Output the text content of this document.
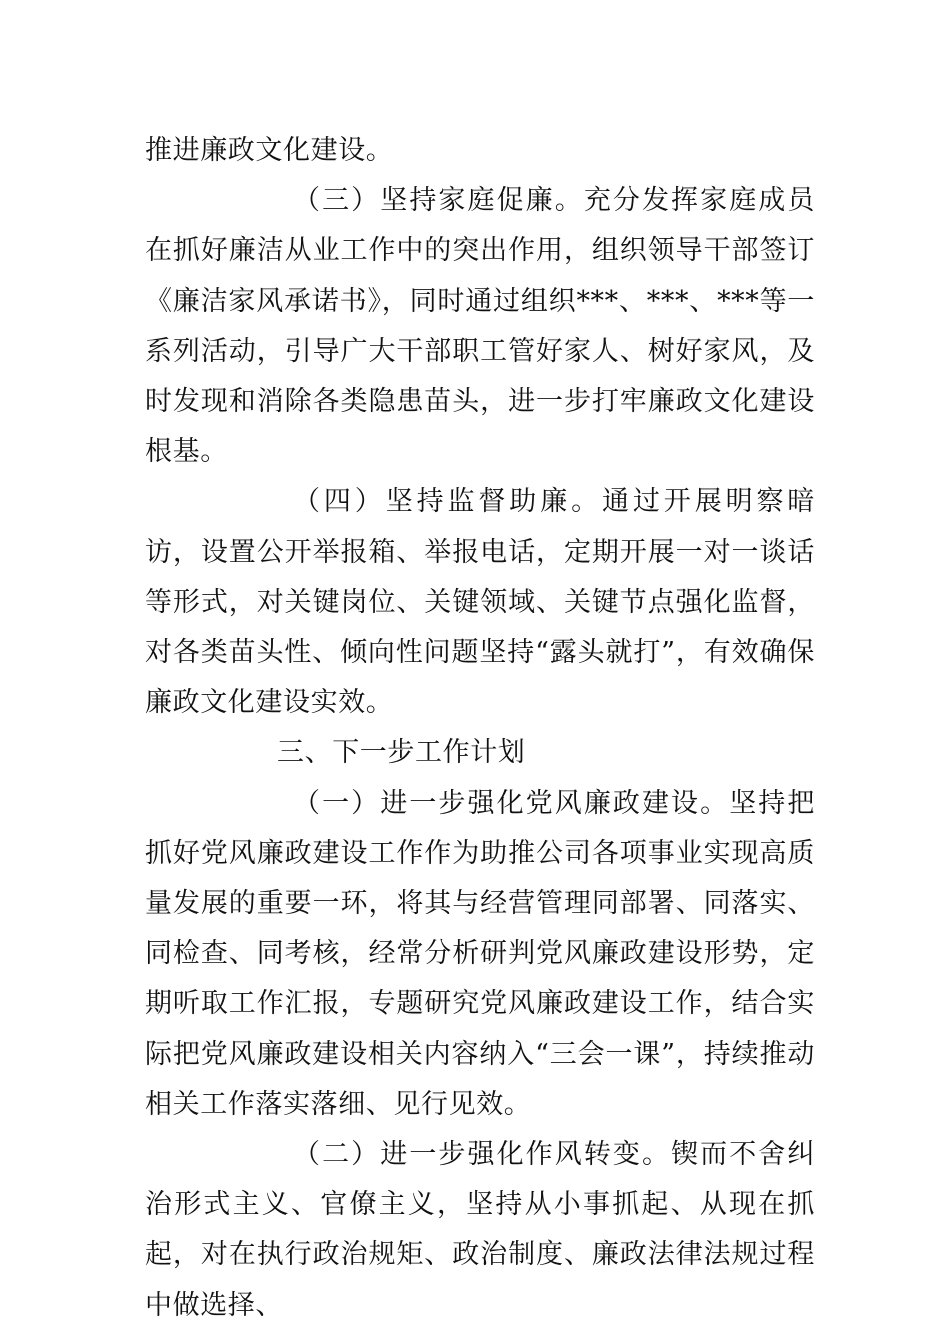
推进廉政文化建设。

（三）坚持家庭促廉。充分发挥家庭成员在抓好廉洁从业工作中的突出作用，组织领导干部签订《廉洁家风承诺书》，同时通过组织***、***、***等一系列活动，引导广大干部职工管好家人、树好家风，及时发现和消除各类隐患苗头，进一步打牢廉政文化建设根基。

（四）坚持监督助廉。通过开展明察暗访，设置公开举报箱、举报电话，定期开展一对一谈话等形式，对关键岗位、关键领域、关键节点强化监督，对各类苗头性、倾向性问题坚持“露头就打”，有效确保廉政文化建设实效。

三、下一步工作计划

（一）进一步强化党风廉政建设。坚持把抓好党风廉政建设工作作为助推公司各项事业实现高质量发展的重要一环，将其与经营管理同部署、同落实、同检查、同考核，经常分析研判党风廉政建设形势，定期听取工作汇报，专题研究党风廉政建设工作，结合实际把党风廉政建设相关内容纳入“三会一课”，持续推动相关工作落实落细、见行见效。

（二）进一步强化作风转变。锲而不舍纠治形式主义、官僚主义，坚持从小事抓起、从现在抓起，对在执行政治规矩、政治制度、廉政法律法规过程中做选择、
